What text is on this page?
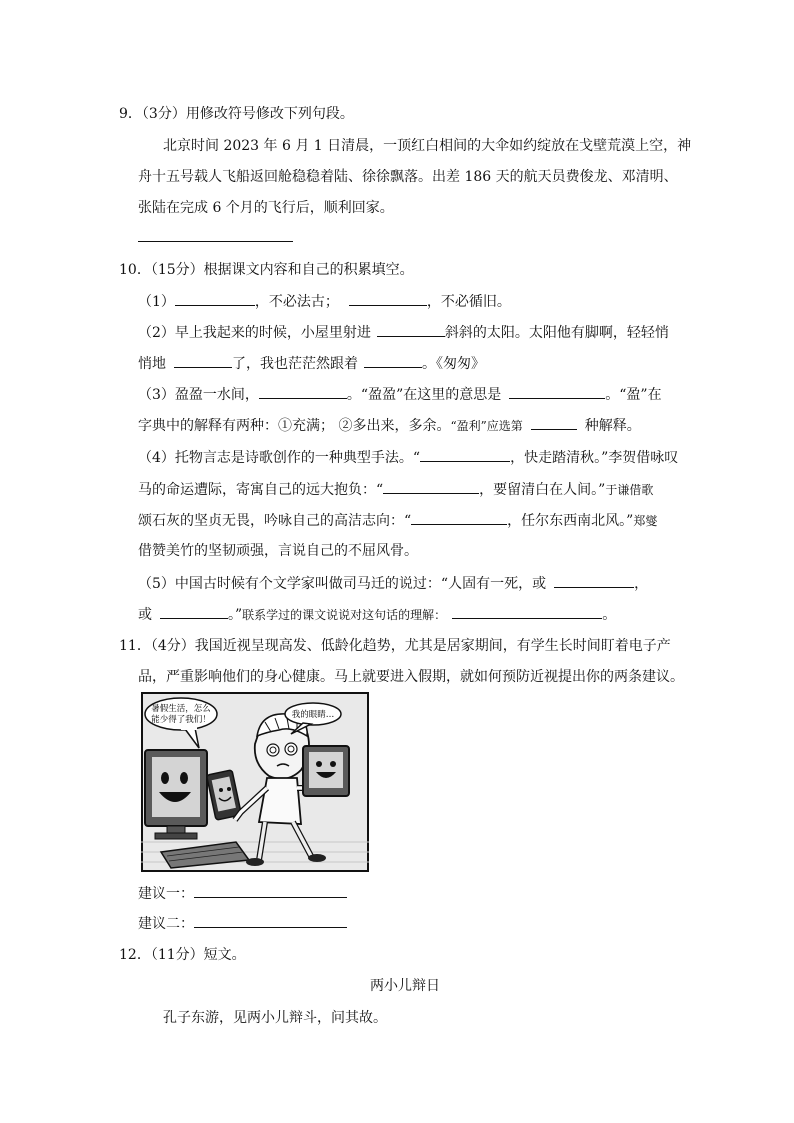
9．（3分）用修改符号修改下列句段。
北京时间 2023 年 6 月 1 日清晨，一顶红白相间的大伞如约绽放在戈壁荒漠上空，神
舟十五号载人飞船返回舱稳稳着陆、徐徐飘落。出差 186 天的航天员费俊龙、邓清明、
张陆在完成 6 个月的飞行后，顺利回家。
10．（15分）根据课文内容和自己的积累填空。
（1）	，不必法古；	，不必循旧。
（2）早上我起来的时候，小屋里射进	斜斜的太阳。太阳他有脚啊，轻轻悄
悄地	了，我也茫茫然跟着	。《匆匆》
（3）盈盈一水间，	。“盈盈”在这里的意思是	。“盈”在
字典中的解释有两种：①充满； ②多出来，多余。“盈利”应选第	种解释。
（4）托物言志是诗歌创作的一种典型手法。“	，快走踏清秋。”李贺借咏叹
马的命运遭际，寄寓自己的远大抱负：“	，要留清白在人间。”于谦借歌
颂石灰的坚贞无畏，吟咏自己的高洁志向：“	，任尔东西南北风。”郑燮
借赞美竹的坚韧顽强，言说自己的不屈风骨。
（5）中国古时候有个文学家叫做司马迁的说过：“人固有一死，或	，
或	。”联系学过的课文说说对这句话的理解：	。
11．（4分）我国近视呈现高发、低龄化趋势，尤其是居家期间，有学生长时间盯着电子产
品，严重影响他们的身心健康。马上就要进入假期，就如何预防近视提出你的两条建议。
暑假生活，怎么
能少得了我们！	我的眼睛…
建议一：
建议二：
12．（11分）短文。
两小儿辩日
孔子东游，见两小儿辩斗，问其故。
